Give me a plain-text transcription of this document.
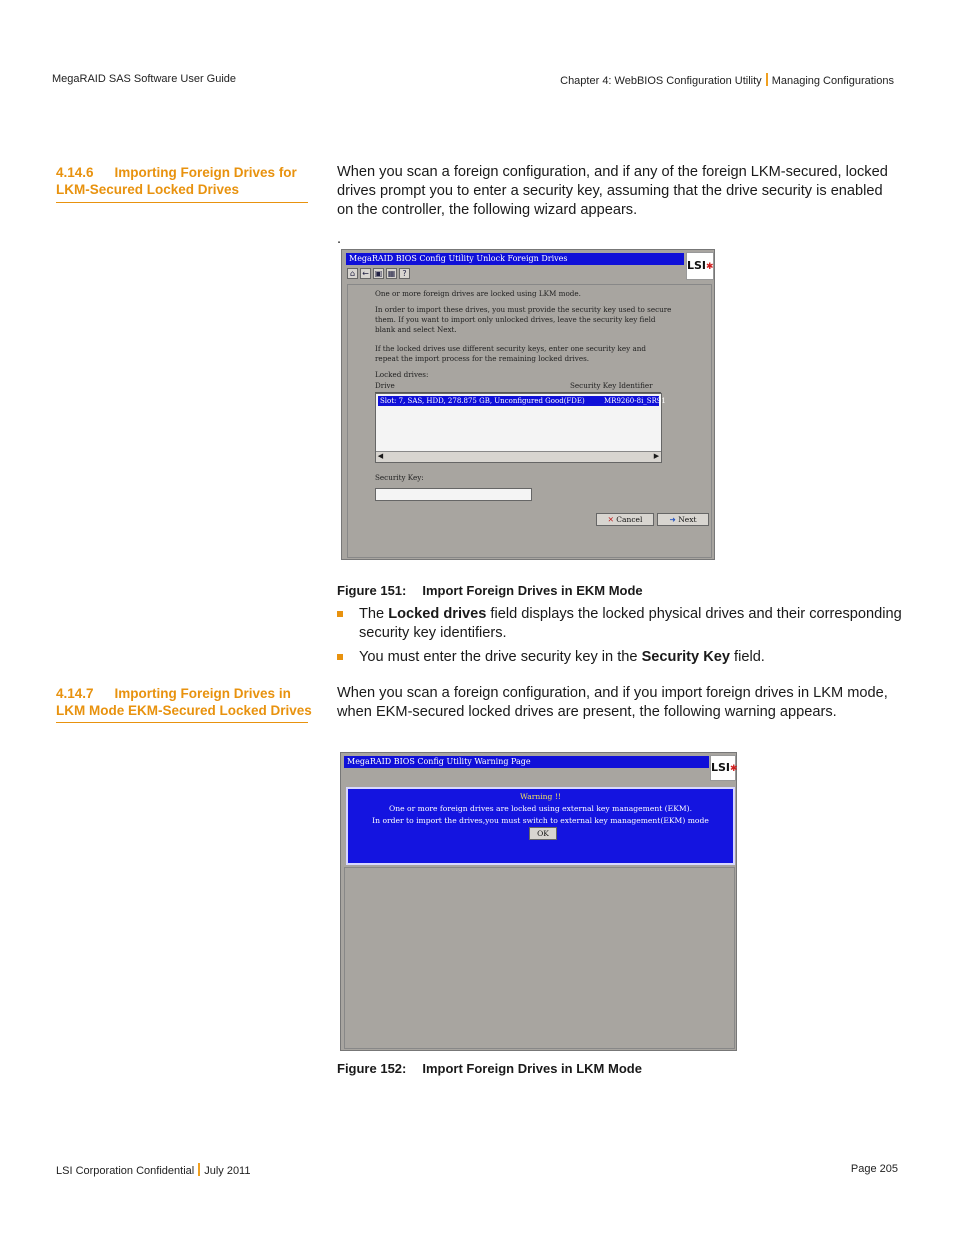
MegaRAID SAS Software User Guide	Chapter 4: WebBIOS Configuration Utility Managing Configurations
4.14.6 Importing Foreign Drives for
LKM-Secured Locked Drives
When you scan a foreign configuration, and if any of the foreign LKM-secured, locked
drives prompt you to enter a security key, assuming that the drive security is enabled
on the controller, the following wizard appears.
.
MegaRAID BIOS Config Utility Unlock Foreign Drives
LSI✱
⌂ ← ▣ ▦ ?
One or more foreign drives are locked using LKM mode.
In order to import these drives, you must provide the security key used to secure
them. If you want to import only unlocked drives, leave the security key field
blank and select Next.
If the locked drives use different security keys, enter one security key and
repeat the import process for the remaining locked drives.
Locked drives:
Drive	Security Key Identifier
Slot: 7, SAS, HDD, 278.875 GB, Unconfigured Good(FDE)	MR9260-8i_SR91
◀	▶
Security Key:
✕ Cancel	➜ Next
Figure 151: Import Foreign Drives in EKM Mode
The Locked drives field displays the locked physical drives and their corresponding
security key identifiers.
You must enter the drive security key in the Security Key field.
4.14.7 Importing Foreign Drives in
LKM Mode EKM-Secured Locked Drives
When you scan a foreign configuration, and if you import foreign drives in LKM mode,
when EKM-secured locked drives are present, the following warning appears.
MegaRAID BIOS Config Utility Warning Page	LSI✱
Warning !!
One or more foreign drives are locked using external key management (EKM).
In order to import the drives,you must switch to external key management(EKM) mode
OK
Figure 152: Import Foreign Drives in LKM Mode
LSI Corporation Confidential July 2011	Page 205
